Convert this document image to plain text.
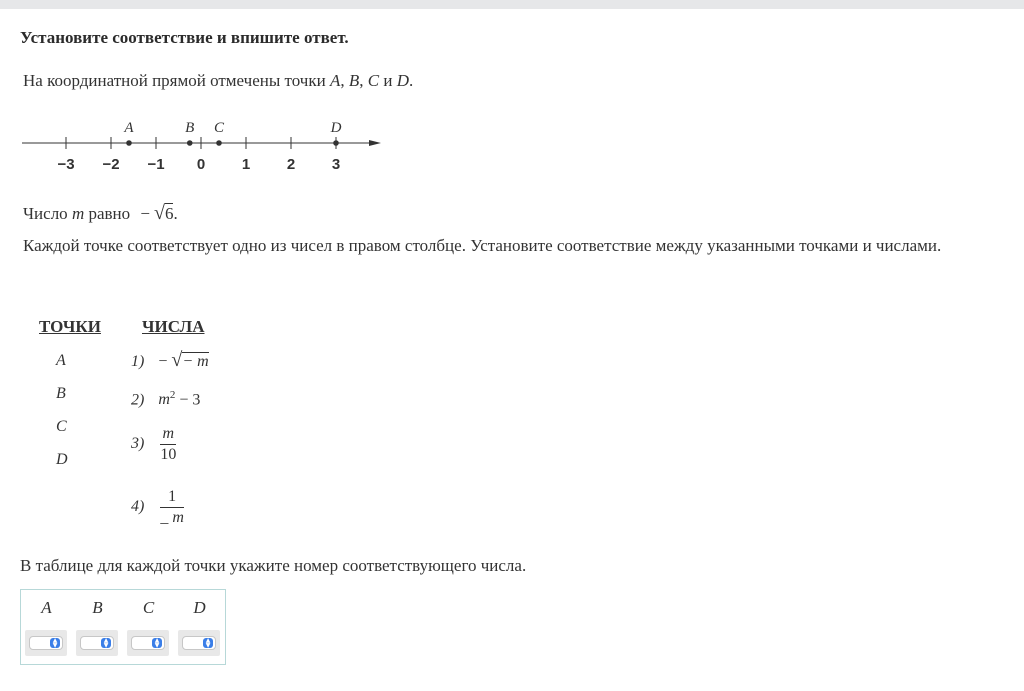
Установите соответствие и впишите ответ.
На координатной прямой отмечены точки A, B, C и D.
−3 −2 −1 0 1 2 3
A	B C	D
Число m равно − √6.
Каждой точке соответствует одно из чисел в правом столбце. Установите соответствие между указанными точками и числами.
ТОЧКИ ЧИСЛА
A
B
C
D
1) − √− m
2) $m^2 - 3$
$3) \frac{m}{10}$
$4) \frac{1}{\_ m}$
В таблице для каждой точки укажите номер соответствующего числа.
A
▲
▼
B
▲
▼
C
▲
▼
D
▲
▼
